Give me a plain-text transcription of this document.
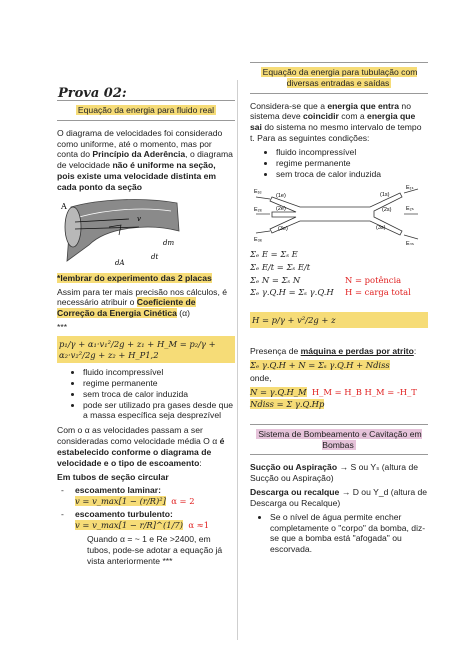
Prova 02:
Equação da energia para fluido real

O diagrama de velocidades foi considerado como uniforme, até o momento, mas por conta do Princípio da Aderência, o diagrama de velocidade não é uniforme na seção, pois existe uma velocidade distinta em cada ponto da seção

A
v
dm
dA
dt

*lembrar do experimento das 2 placas

Assim para ter mais precisão nos cálculos, é necessário atribuir o Coeficiente de Correção da Energia Cinética (α)

***

p₁/γ + α₁·v₁²/2g + z₁ + H_M = p₂/γ + α₂·v₂²/2g + z₂ + H_P1,2
• fluido incompressível
• regime permanente
• sem troca de calor induzida
• pode ser utilizado pra gases desde que a massa específica seja desprezível

Com o α as velocidades passam a ser consideradas como velocidade média O α é estabelecido conforme o diagrama de velocidade e o tipo de escoamento:

Em tubos de seção circular

- escoamento laminar:
v = v_max[1 − (r/R)²] α = 2
- escoamento turbulento:
v = v_max[1 − r/R]^(1/7) α ≈1

Quando α = ~ 1 e Re >2400, em tubos, pode-se adotar a equação já vista anteriormente ***

Equação da energia para tubulação com diversas entradas e saídas

Considera-se que a energia que entra no sistema deve coincidir com a energia que sai do sistema no mesmo intervalo de tempo t. Para as seguintes condições:

• fluido incompressível
• regime permanente
• sem troca de calor induzida
E₁ₑ
(1e)
E₂ₑ	(2e)
E₃ₑ
(3e)
E₁ₛ
(1s)
E₂ₛ
(2s)
E₃ₛ
(3s)
Σₑ E = Σₛ E
Σₑ E/t = Σₛ E/t
Σₑ N = Σₛ N	N = potência
Σₑ γ.Q.H = Σₛ γ.Q.H H = carga total
H = p/γ + v²/2g + z

Presença de máquina e perdas por atrito:

Σₑ γ.Q.H + N = Σₛ γ.Q.H + Ndiss

onde,

N = γ.Q.H_M H_M = H_B H_M = -H_T
Ndiss = Σ γ.Q.Hp
Sistema de Bombeamento e Cavitação em Bombas

Sucção ou Aspiração → S ou Yₛ (altura de Sucção ou Aspiração)

Descarga ou recalque → D ou Y_d (altura de Descarga ou Recalque)

• Se o nível de água permite encher completamente o "corpo" da bomba, diz-se que a bomba está "afogada" ou escorvada.
